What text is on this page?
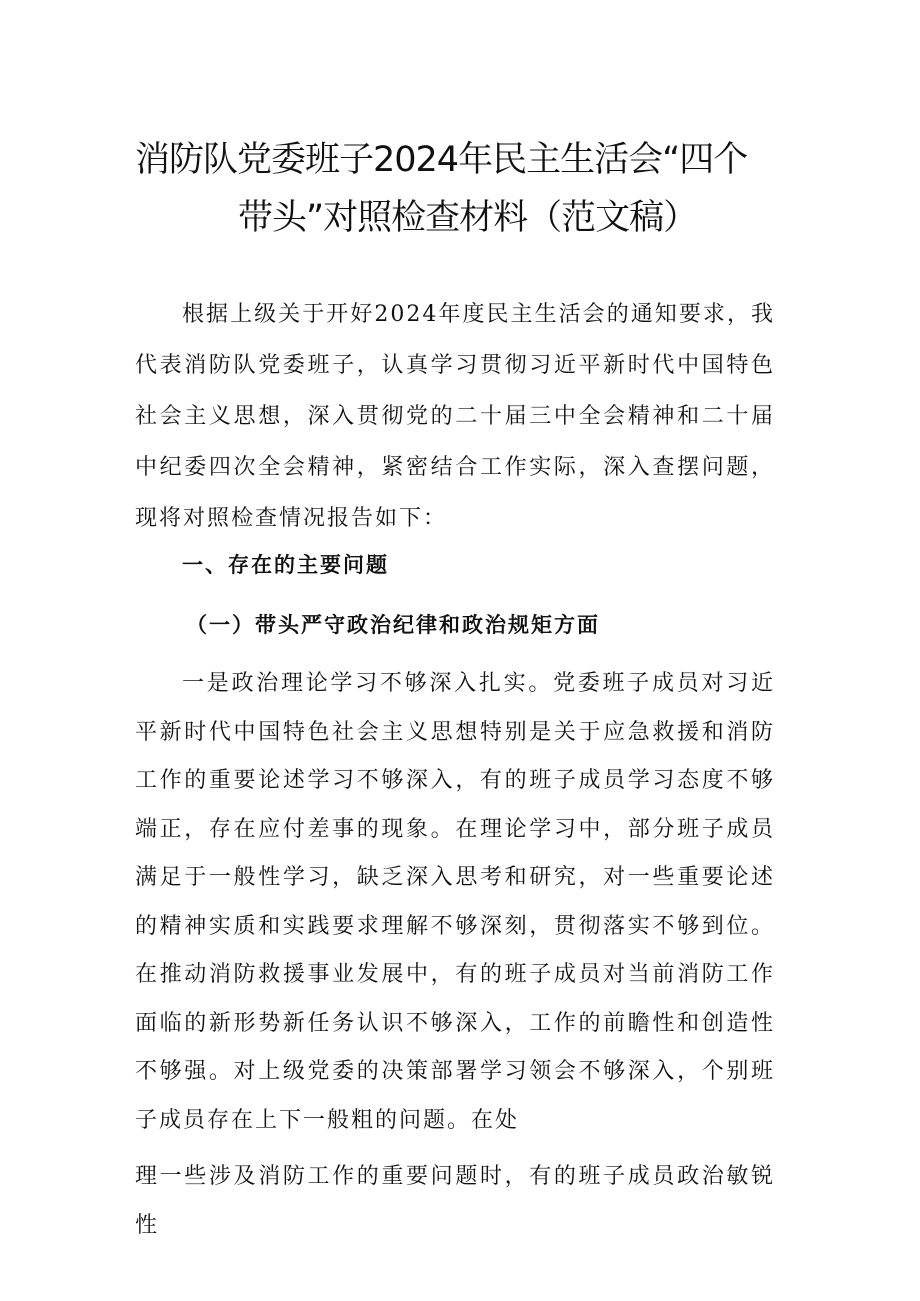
消防队党委班子2024年民主生活会“四个
带头”对照检查材料（范文稿）
根据上级关于开好2024年度民主生活会的通知要求，我代表消防队党委班子，认真学习贯彻习近平新时代中国特色社会主义思想，深入贯彻党的二十届三中全会精神和二十届中纪委四次全会精神，紧密结合工作实际，深入查摆问题，现将对照检查情况报告如下：
一、存在的主要问题
（一）带头严守政治纪律和政治规矩方面
一是政治理论学习不够深入扎实。党委班子成员对习近平新时代中国特色社会主义思想特别是关于应急救援和消防工作的重要论述学习不够深入，有的班子成员学习态度不够端正，存在应付差事的现象。在理论学习中，部分班子成员满足于一般性学习，缺乏深入思考和研究，对一些重要论述的精神实质和实践要求理解不够深刻，贯彻落实不够到位。在推动消防救援事业发展中，有的班子成员对当前消防工作面临的新形势新任务认识不够深入，工作的前瞻性和创造性不够强。对上级党委的决策部署学习领会不够深入，个别班子成员存在上下一般粗的问题。在处
理一些涉及消防工作的重要问题时，有的班子成员政治敏锐性
